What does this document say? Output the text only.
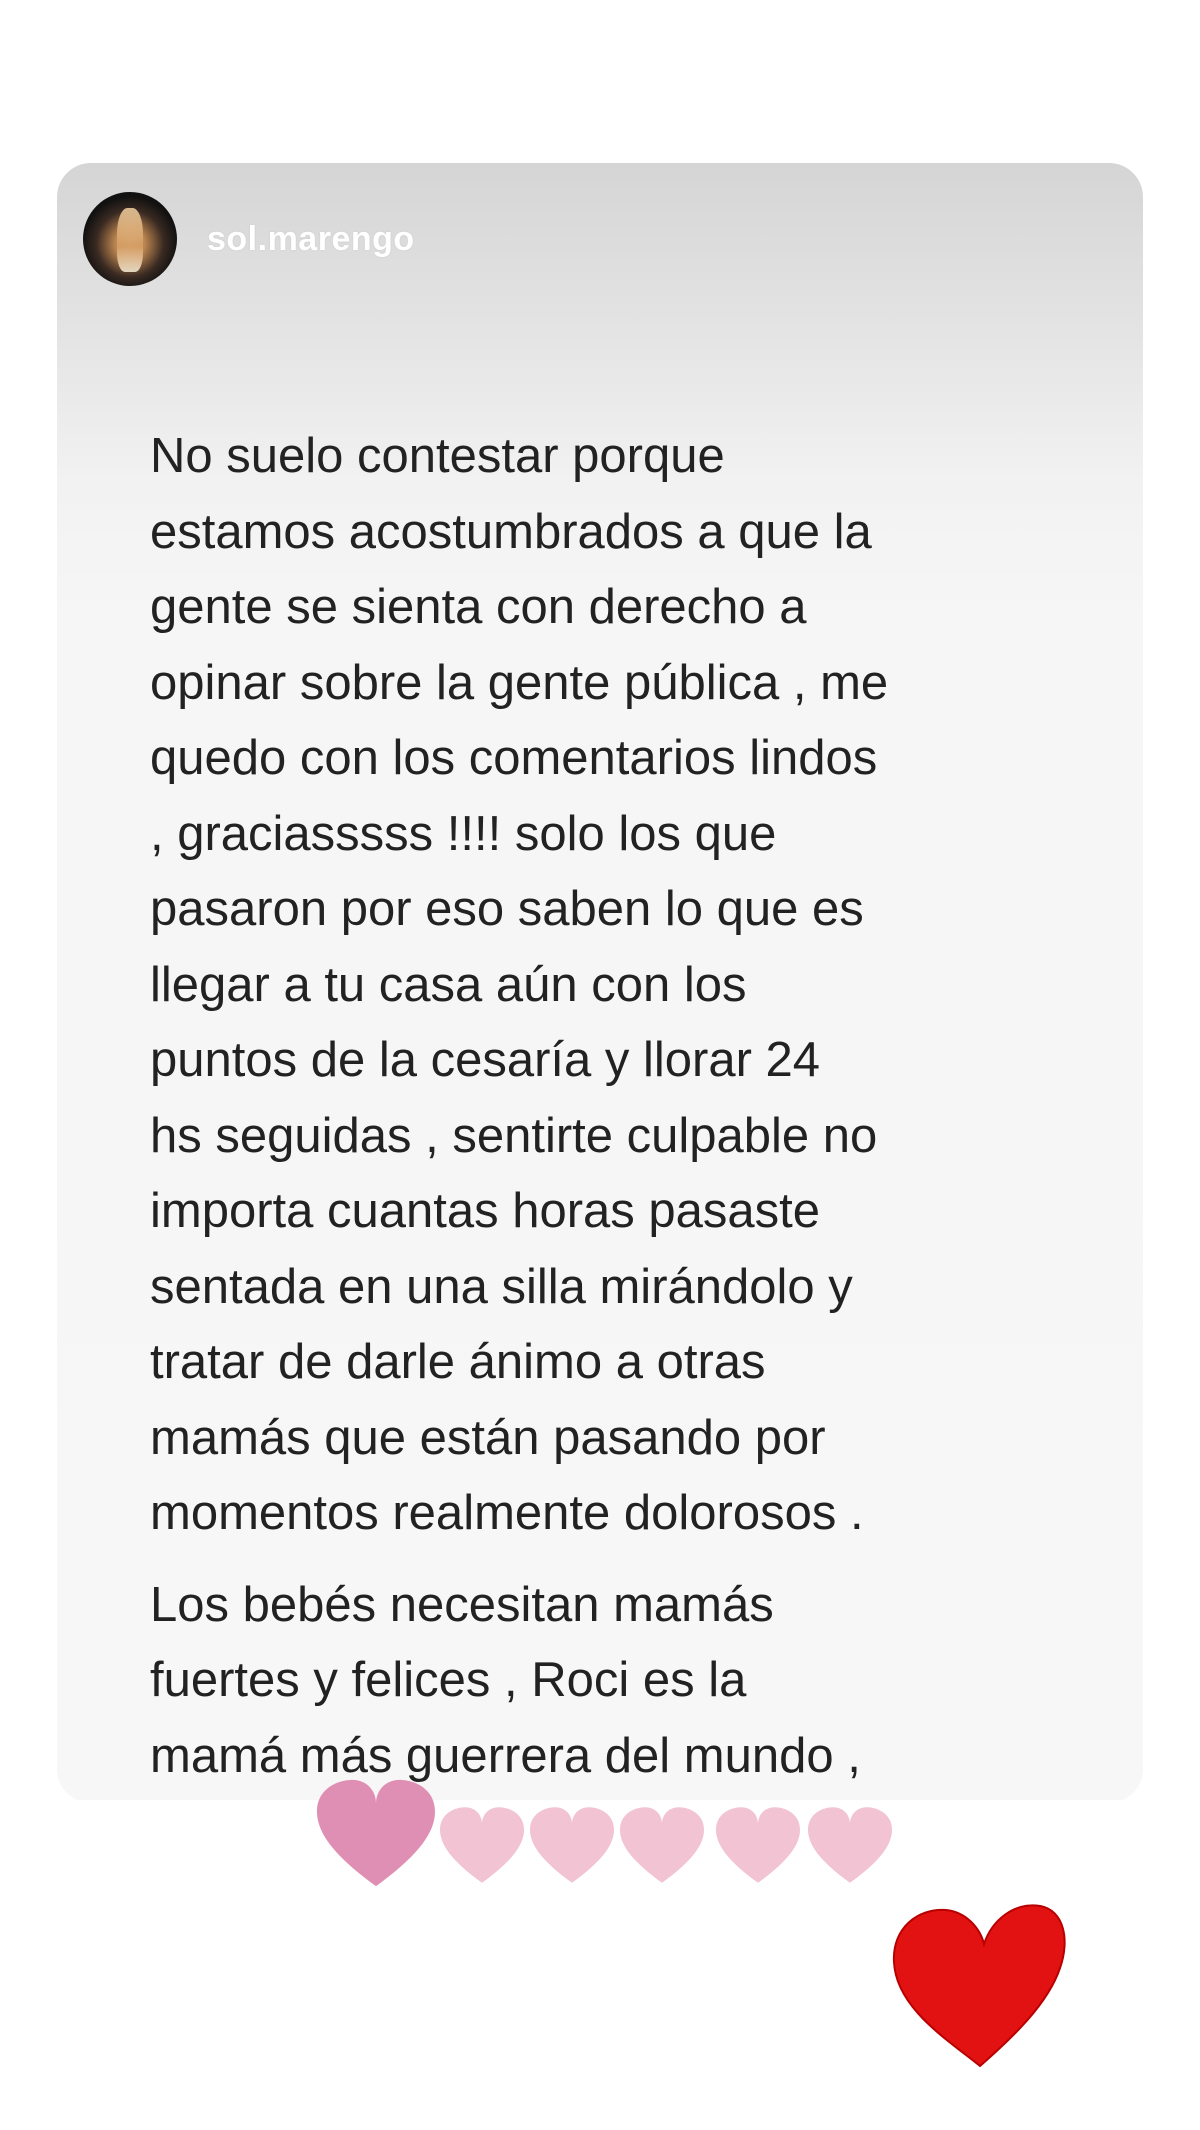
sol.marengo

No suelo contestar porque
estamos acostumbrados a que la
gente se sienta con derecho a
opinar sobre la gente pública , me
quedo con los comentarios lindos
, graciasssss !!!! solo los que
pasaron por eso saben lo que es
llegar a tu casa aún con los
puntos de la cesaría y llorar 24
hs seguidas , sentirte culpable no
importa cuantas horas pasaste
sentada en una silla mirándolo y
tratar de darle ánimo a otras
mamás que están pasando por
momentos realmente dolorosos .

Los bebés necesitan mamás
fuertes y felices , Roci es la
mamá más guerrera del mundo ,
